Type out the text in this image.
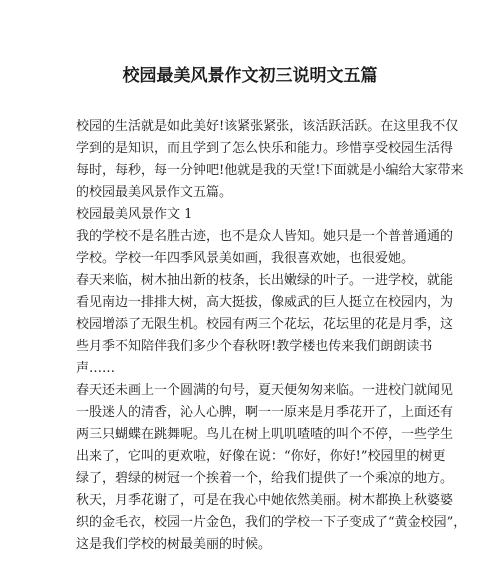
校园最美风景作文初三说明文五篇
校园的生活就是如此美好!该紧张紧张，该活跃活跃。在这里我不仅
学到的是知识，而且学到了怎么快乐和能力。珍惜享受校园生活得
每时，每秒，每一分钟吧!他就是我的天堂!下面就是小编给大家带来
的校园最美风景作文五篇。
校园最美风景作文 1
我的学校不是名胜古迹，也不是众人皆知。她只是一个普普通通的
学校。学校一年四季风景美如画，我很喜欢她，也很爱她。
春天来临，树木抽出新的枝条，长出嫩绿的叶子。一进学校，就能
看见南边一排排大树，高大挺拔，像威武的巨人挺立在校园内，为
校园增添了无限生机。校园有两三个花坛，花坛里的花是月季，这
些月季不知陪伴我们多少个春秋呀!教学楼也传来我们朗朗读书
声……
春天还未画上一个圆满的句号，夏天便匆匆来临。一进校门就闻见
一股迷人的清香，沁人心脾，啊一一原来是月季花开了，上面还有
两三只蝴蝶在跳舞呢。鸟儿在树上叽叽喳喳的叫个不停，一些学生
出来了，它叫的更欢啦，好像在说：“你好，你好!”校园里的树更
绿了，碧绿的树冠一个挨着一个，给我们提供了一个乘凉的地方。
秋天，月季花谢了，可是在我心中她依然美丽。树木都换上秋婆婆
织的金毛衣，校园一片金色，我们的学校一下子变成了“黄金校园”，
这是我们学校的树最美丽的时候。
